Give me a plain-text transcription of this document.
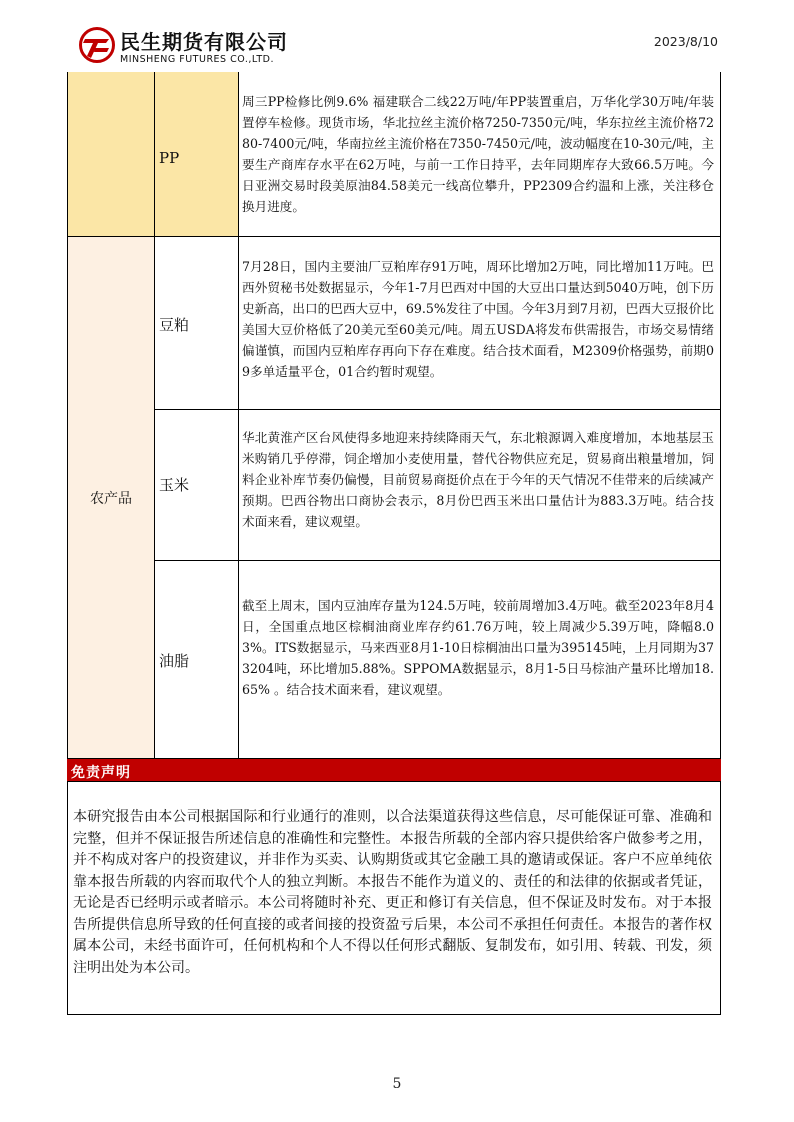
民生期货有限公司
MINSHENG FUTURES CO.,LTD.
2023/8/10
农产品
PP
豆粕
玉米
油脂

周三PP检修比例9.6% 福建联合二线22万吨/年PP装置重启，万华化学30万吨/年装置停车检修。现货市场，华北拉丝主流价格7250-7350元/吨，华东拉丝主流价格7280-7400元/吨，华南拉丝主流价格在7350-7450元/吨，波动幅度在10-30元/吨，主要生产商库存水平在62万吨，与前一工作日持平，去年同期库存大致66.5万吨。今日亚洲交易时段美原油84.58美元一线高位攀升，PP2309合约温和上涨，关注移仓换月进度。

7月28日，国内主要油厂豆粕库存91万吨，周环比增加2万吨，同比增加11万吨。巴西外贸秘书处数据显示，今年1-7月巴西对中国的大豆出口量达到5040万吨，创下历史新高，出口的巴西大豆中，69.5%发往了中国。今年3月到7月初，巴西大豆报价比美国大豆价格低了20美元至60美元/吨。周五USDA将发布供需报告，市场交易情绪偏谨慎，而国内豆粕库存再向下存在难度。结合技术面看，M2309价格强势，前期09多单适量平仓，01合约暂时观望。

华北黄淮产区台风使得多地迎来持续降雨天气，东北粮源调入难度增加，本地基层玉米购销几乎停滞，饲企增加小麦使用量，替代谷物供应充足，贸易商出粮量增加，饲料企业补库节奏仍偏慢，目前贸易商挺价点在于今年的天气情况不佳带来的后续减产预期。巴西谷物出口商协会表示，8月份巴西玉米出口量估计为883.3万吨。结合技术面来看，建议观望。

截至上周末，国内豆油库存量为124.5万吨，较前周增加3.4万吨。截至2023年8月4日，全国重点地区棕榈油商业库存约61.76万吨，较上周减少5.39万吨，降幅8.03%。ITS数据显示，马来西亚8月1-10日棕榈油出口量为395145吨，上月同期为373204吨，环比增加5.88%。SPPOMA数据显示，8月1-5日马棕油产量环比增加18.65% 。结合技术面来看，建议观望。

免责声明
本研究报告由本公司根据国际和行业通行的准则，以合法渠道获得这些信息，尽可能保证可靠、准确和完整，但并不保证报告所述信息的准确性和完整性。本报告所载的全部内容只提供给客户做参考之用，并不构成对客户的投资建议，并非作为买卖、认购期货或其它金融工具的邀请或保证。客户不应单纯依靠本报告所载的内容而取代个人的独立判断。本报告不能作为道义的、责任的和法律的依据或者凭证，无论是否已经明示或者暗示。本公司将随时补充、更正和修订有关信息，但不保证及时发布。对于本报告所提供信息所导致的任何直接的或者间接的投资盈亏后果，本公司不承担任何责任。本报告的著作权属本公司，未经书面许可，任何机构和个人不得以任何形式翻版、复制发布，如引用、转载、刊发，须注明出处为本公司。
5
